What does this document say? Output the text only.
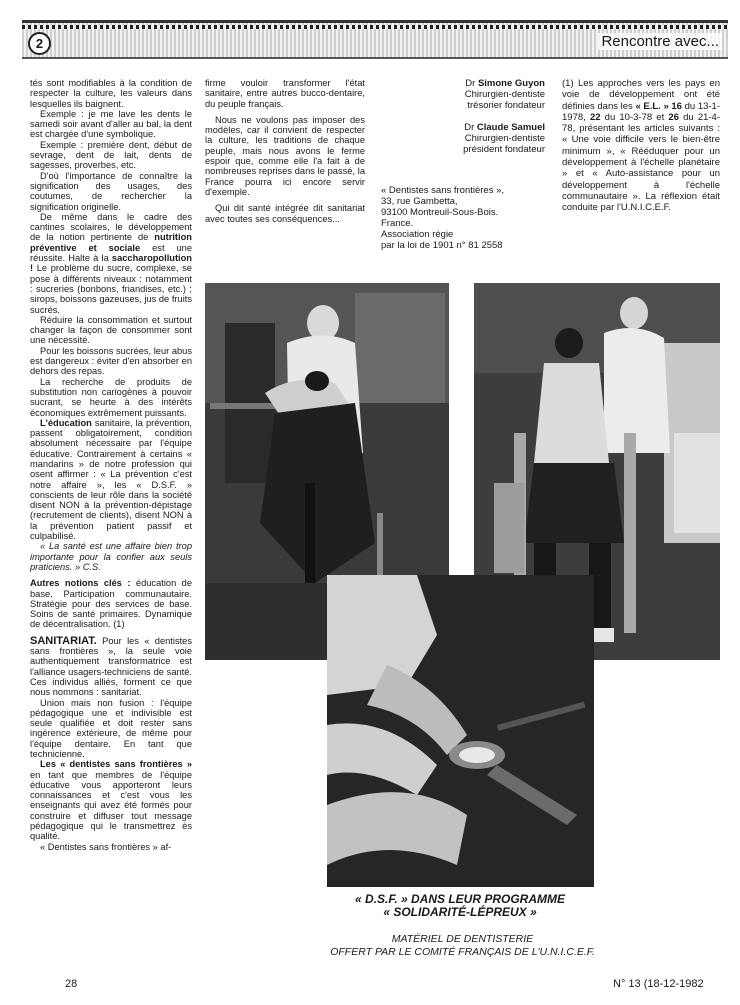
2	Rencontre avec...

tés sont modifiables à la condition de respecter la culture, les valeurs dans lesquelles ils baignent.

Exemple : je me lave les dents le samedi soir avant d'aller au bal, la dent est chargée d'une symbolique.

Exemple : première dent, début de sevrage, dent de lait, dents de sagesses, proverbes, etc.

D'où l'importance de connaître la signification des usages, des coutumes, de rechercher la signification originelle.

De même dans le cadre des cantines scolaires, le développement de la notion pertinente de nutrition préventive et sociale est une réussite. Halte à la saccharopollution ! Le problème du sucre, complexe, se pose à différents niveaux : notamment : sucreries (bonbons, friandises, etc.) ; sirops, boissons gazeuses, jus de fruits sucrés.

Réduire la consommation et surtout changer la façon de consommer sont une nécessité.

Pour les boissons sucrées, leur abus est dangereux : éviter d'en absorber en dehors des repas.

La recherche de produits de substitution non cariogènes à pouvoir sucrant, se heurte à des intérêts économiques extrêmement puissants.

L'éducation sanitaire, la prévention, passent obligatoirement, condition absolument nécessaire par l'équipe éducative. Contrairement à certains « mandarins » de notre profession qui osent affirmer : « La prévention c'est notre affaire », les « D.S.F. » conscients de leur rôle dans la société disent NON à la prévention-dépistage (recrutement de clients), disent NON à la prévention patient passif et culpabilisé.

« La santé est une affaire bien trop importante pour la confier aux seuls praticiens. » C.S.

Autres notions clés : éducation de base. Participation communautaire. Stratégie pour des services de base. Soins de santé primaires. Dynamique de décentralisation. (1)

SANITARIAT. Pour les « dentistes sans frontières », la seule voie authentiquement transformatrice est l'alliance usagers-techniciens de santé. Ces individus alliés, forment ce que nous nommons : sanitariat.

Union mais non fusion : l'équipe pédagogique une et indivisible est seule qualifiée et doit rester sans ingérence extérieure, de même pour l'équipe dentaire. En tant que technicienne.

Les « dentistes sans frontières » en tant que membres de l'équipe éducative vous apporteront leurs connaissances et c'est vous les enseignants qui avez été formés pour construire et diffuser tout message pédagogique qui le transmettrez ès qualité.

« Dentistes sans frontières » af-

firme vouloir transformer l'état sanitaire, entre autres bucco-dentaire, du peuple français.

Nous ne voulons pas imposer des modèles, car il convient de respecter la culture, les traditions de chaque peuple, mais nous avons le ferme espoir que, comme elle l'a fait à de nombreuses reprises dans le passé, la France pourra ici encore servir d'exemple.

Qui dit santé intégrée dit sanitariat avec toutes ses conséquences...

Dr Simone Guyon
Chirurgien-dentiste
trésorier fondateur
Dr Claude Samuel
Chirurgien-dentiste
président fondateur
« Dentistes sans frontières »,
33, rue Gambetta,
93100 Montreuil-Sous-Bois.
France.
Association régie
par la loi de 1901 n° 81 2558
(1) Les approches vers les pays en voie de développement ont été définies dans les « E.L. » 16 du 13-1-1978, 22 du 10-3-78 et 26 du 21-4-78, présentant les articles suivants : « Une voie difficile vers le bien-être minimum », « Rééduquer pour un développement à l'échelle planétaire » et « Auto-assistance pour un développement à l'échelle communautaire ». La réflexion était conduite par l'U.N.I.C.E.F.
« D.S.F. » DANS LEUR PROGRAMME
« SOLIDARITÉ-LÉPREUX »
MATÉRIEL DE DENTISTERIE
OFFERT PAR LE COMITÉ FRANÇAIS DE L'U.N.I.C.E.F.
28	N° 13 (18-12-1982
